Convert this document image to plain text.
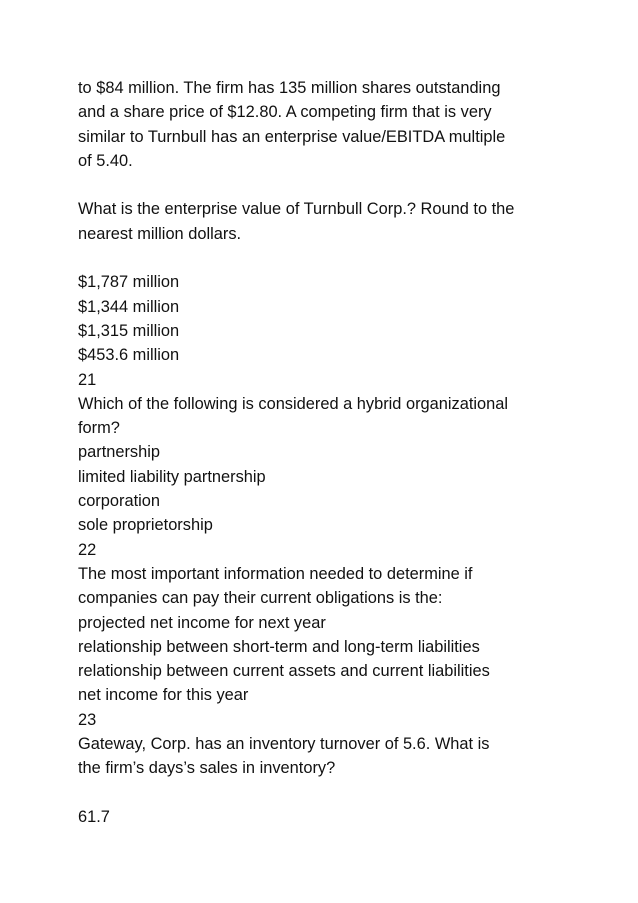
to $84 million. The firm has 135 million shares outstanding
and a share price of $12.80. A competing firm that is very
similar to Turnbull has an enterprise value/EBITDA multiple
of 5.40.
What is the enterprise value of Turnbull Corp.? Round to the
nearest million dollars.
$1,787 million
$1,344 million
$1,315 million
$453.6 million
21
Which of the following is considered a hybrid organizational
form?
partnership
limited liability partnership
corporation
sole proprietorship
22
The most important information needed to determine if
companies can pay their current obligations is the:
projected net income for next year
relationship between short-term and long-term liabilities
relationship between current assets and current liabilities
net income for this year
23
Gateway, Corp. has an inventory turnover of 5.6. What is
the firm’s days’s sales in inventory?
61.7
